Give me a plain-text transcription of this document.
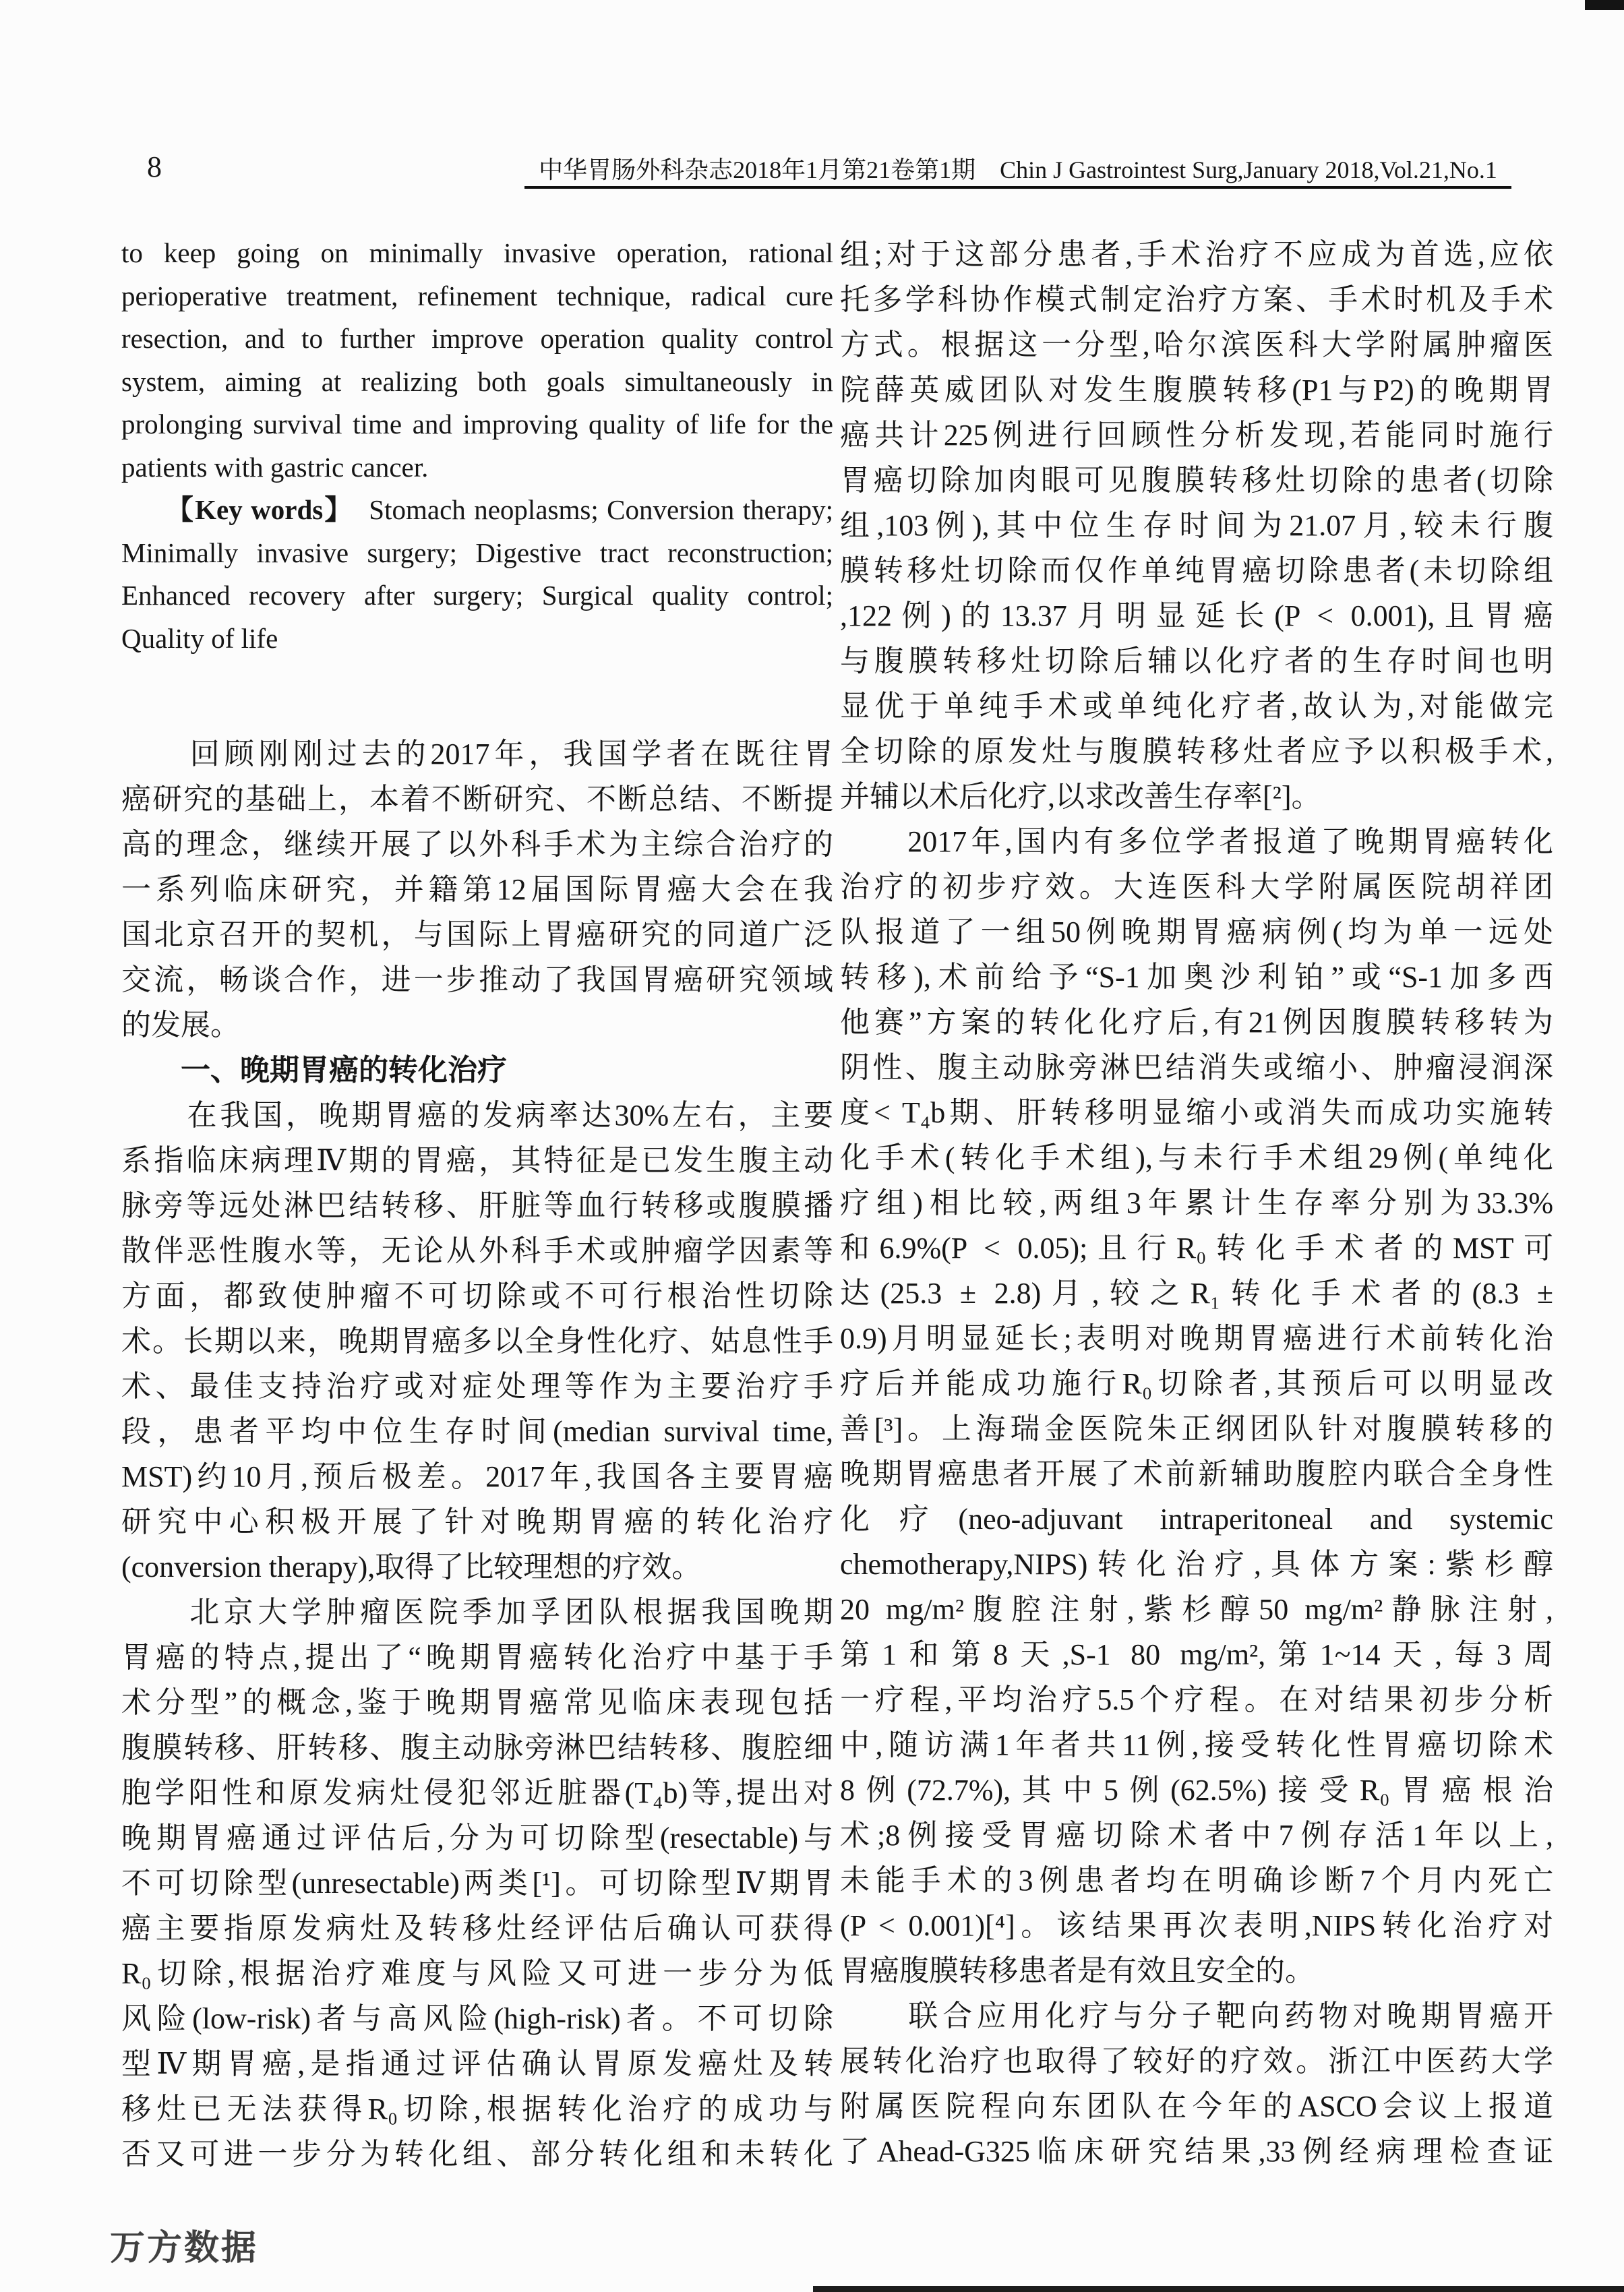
8	中华胃肠外科杂志2018年1月第21卷第1期　Chin J Gastrointest Surg,January 2018,Vol.21,No.1
to keep going on minimally invasive operation, rational
perioperative treatment, refinement technique, radical cure
resection, and to further improve operation quality control
system, aiming at realizing both goals simultaneously in
prolonging survival time and improving quality of life for the
patients with gastric cancer.
　　【Key words】　Stomach neoplasms; Conversion therapy;
Minimally invasive surgery; Digestive tract reconstruction;
Enhanced recovery after surgery; Surgical quality control;
Quality of life
　　回顾刚刚过去的2017年，我国学者在既往胃
癌研究的基础上，本着不断研究、不断总结、不断提
高的理念，继续开展了以外科手术为主综合治疗的
一系列临床研究，并籍第12届国际胃癌大会在我
国北京召开的契机，与国际上胃癌研究的同道广泛
交流，畅谈合作，进一步推动了我国胃癌研究领域
的发展。
　　一、晚期胃癌的转化治疗
　　在我国，晚期胃癌的发病率达30%左右，主要
系指临床病理Ⅳ期的胃癌，其特征是已发生腹主动
脉旁等远处淋巴结转移、肝脏等血行转移或腹膜播
散伴恶性腹水等，无论从外科手术或肿瘤学因素等
方面，都致使肿瘤不可切除或不可行根治性切除
术。长期以来，晚期胃癌多以全身性化疗、姑息性手
术、最佳支持治疗或对症处理等作为主要治疗手
段，患者平均中位生存时间(median survival time,
MST)约10月,预后极差。2017年,我国各主要胃癌
研究中心积极开展了针对晚期胃癌的转化治疗
(conversion therapy),取得了比较理想的疗效。
　　北京大学肿瘤医院季加孚团队根据我国晚期
胃癌的特点,提出了“晚期胃癌转化治疗中基于手
术分型”的概念,鉴于晚期胃癌常见临床表现包括
腹膜转移、肝转移、腹主动脉旁淋巴结转移、腹腔细
胞学阳性和原发病灶侵犯邻近脏器(T₄b)等,提出对
晚期胃癌通过评估后,分为可切除型(resectable)与
不可切除型(unresectable)两类[¹]。可切除型Ⅳ期胃
癌主要指原发病灶及转移灶经评估后确认可获得
R₀切除,根据治疗难度与风险又可进一步分为低
风险(low-risk)者与高风险(high-risk)者。不可切除
型Ⅳ期胃癌,是指通过评估确认胃原发癌灶及转
移灶已无法获得R₀切除,根据转化治疗的成功与
否又可进一步分为转化组、部分转化组和未转化
组;对于这部分患者,手术治疗不应成为首选,应依
托多学科协作模式制定治疗方案、手术时机及手术
方式。根据这一分型,哈尔滨医科大学附属肿瘤医
院薛英威团队对发生腹膜转移(P1与P2)的晚期胃
癌共计225例进行回顾性分析发现,若能同时施行
胃癌切除加肉眼可见腹膜转移灶切除的患者(切除
组,103例),其中位生存时间为21.07月,较未行腹
膜转移灶切除而仅作单纯胃癌切除患者(未切除组
,122例)的13.37月明显延长(P < 0.001),且胃癌
与腹膜转移灶切除后辅以化疗者的生存时间也明
显优于单纯手术或单纯化疗者,故认为,对能做完
全切除的原发灶与腹膜转移灶者应予以积极手术,
并辅以术后化疗,以求改善生存率[²]。
　　2017年,国内有多位学者报道了晚期胃癌转化
治疗的初步疗效。大连医科大学附属医院胡祥团
队报道了一组50例晚期胃癌病例(均为单一远处
转移),术前给予“S-1加奥沙利铂”或“S-1加多西
他赛”方案的转化化疗后,有21例因腹膜转移转为
阴性、腹主动脉旁淋巴结消失或缩小、肿瘤浸润深
度< T₄b期、肝转移明显缩小或消失而成功实施转
化手术(转化手术组),与未行手术组29例(单纯化
疗组)相比较,两组3年累计生存率分别为33.3%
和6.9%(P < 0.05);且行R₀转化手术者的MST可
达(25.3 ± 2.8)月,较之R₁转化手术者的(8.3 ±
0.9)月明显延长;表明对晚期胃癌进行术前转化治
疗后并能成功施行R₀切除者,其预后可以明显改
善[³]。上海瑞金医院朱正纲团队针对腹膜转移的
晚期胃癌患者开展了术前新辅助腹腔内联合全身性
化疗(neo-adjuvant intraperitoneal and systemic
chemotherapy,NIPS)转化治疗,具体方案:紫杉醇
20 mg/m²腹腔注射,紫杉醇50 mg/m²静脉注射,
第1和第8天,S-1 80 mg/m²,第1~14天,每3周
一疗程,平均治疗5.5个疗程。在对结果初步分析
中,随访满1年者共11例,接受转化性胃癌切除术
8例(72.7%),其中5例(62.5%)接受R₀胃癌根治
术;8例接受胃癌切除术者中7例存活1年以上,
未能手术的3例患者均在明确诊断7个月内死亡
(P < 0.001)[⁴]。该结果再次表明,NIPS转化治疗对
胃癌腹膜转移患者是有效且安全的。
　　联合应用化疗与分子靶向药物对晚期胃癌开
展转化治疗也取得了较好的疗效。浙江中医药大学
附属医院程向东团队在今年的ASCO会议上报道
了Ahead-G325临床研究结果,33例经病理检查证
万方数据
